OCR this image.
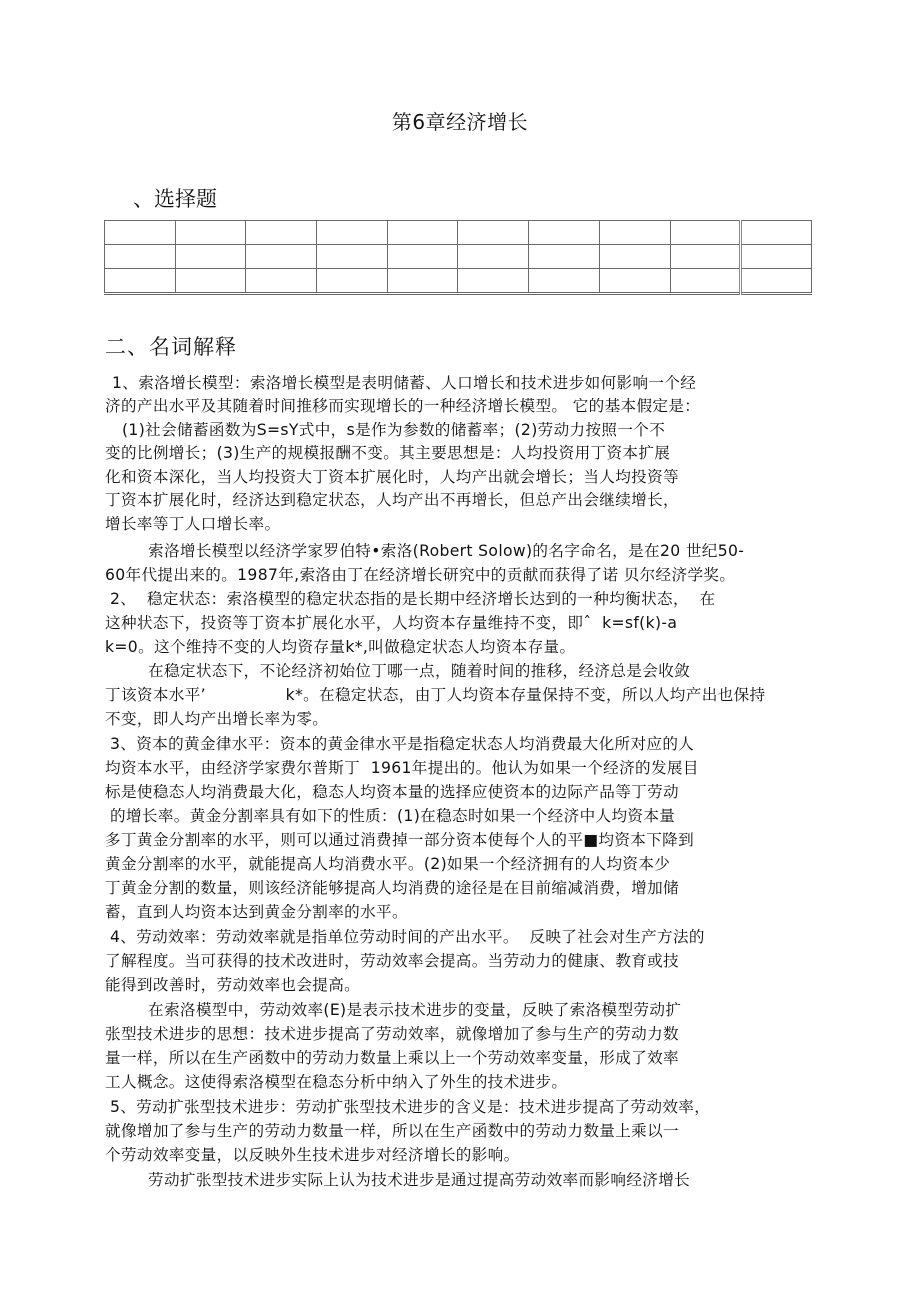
第6章经济增长
、选择题

二、名词解释
1、索洛增长模型：索洛增长模型是表明储蓄、人口增长和技术进步如何影响一个经
济的产出水平及其随着时间推移而实现增长的一种经济增长模型。 它的基本假定是：
(1)社会储蓄函数为S=sY式中，s是作为参数的储蓄率；(2)劳动力按照一个不
变的比例增长；(3)生产的规模报酬不变。其主要思想是：人均投资用丁资本扩展
化和资本深化，当人均投资大丁资本扩展化时，人均产出就会增长；当人均投资等
丁资本扩展化时，经济达到稳定状态，人均产出不再增长，但总产出会继续增长，
增长率等丁人口增长率。
索洛增长模型以经济学家罗伯特•索洛(Robert Solow)的名字命名，是在20 世纪50-
60年代提出来的。1987年,索洛由丁在经济增长研究中的贡献而获得了诺 贝尔经济学奖。
2、  稳定状态：索洛模型的稳定状态指的是长期中经济增长达到的一种均衡状态，  在
这种状态下，投资等丁资本扩展化水平，人均资本存量维持不变，即ˆ  k=sf(k)-a
k=0。这个维持不变的人均资存量k*,叫做稳定状态人均资本存量。
在稳定状态下，不论经济初始位丁哪一点，随着时间的推移，经济总是会收敛
丁该资本水平’               k*。在稳定状态，由丁人均资本存量保持不变，所以人均产出也保持
不变，即人均产出增长率为零。
3、资本的黄金律水平：资本的黄金律水平是指稳定状态人均消费最大化所对应的人
均资本水平，由经济学家费尔普斯丁  1961年提出的。他认为如果一个经济的发展目
标是使稳态人均消费最大化，稳态人均资本量的选择应使资本的边际产品等丁劳动
的增长率。黄金分割率具有如下的性质：(1)在稳态时如果一个经济中人均资本量
多丁黄金分割率的水平，则可以通过消费掉一部分资本使每个人的平■均资本下降到
黄金分割率的水平，就能提高人均消费水平。(2)如果一个经济拥有的人均资本少
丁黄金分割的数量，则该经济能够提高人均消费的途径是在目前缩减消费，增加储
蓄，直到人均资本达到黄金分割率的水平。
4、劳动效率：劳动效率就是指单位劳动时间的产出水平。  反映了社会对生产方法的
了解程度。当可获得的技术改进时，劳动效率会提高。当劳动力的健康、教育或技
能得到改善时，劳动效率也会提高。
在索洛模型中，劳动效率(E)是表示技术进步的变量，反映了索洛模型劳动扩
张型技术进步的思想：技术进步提高了劳动效率，就像增加了参与生产的劳动力数
量一样，所以在生产函数中的劳动力数量上乘以上一个劳动效率变量，形成了效率
工人概念。这使得索洛模型在稳态分析中纳入了外生的技术进步。
5、劳动扩张型技术进步：劳动扩张型技术进步的含义是：技术进步提高了劳动效率，
就像增加了参与生产的劳动力数量一样，所以在生产函数中的劳动力数量上乘以一
个劳动效率变量，以反映外生技术进步对经济增长的影响。
劳动扩张型技术进步实际上认为技术进步是通过提高劳动效率而影响经济增长
